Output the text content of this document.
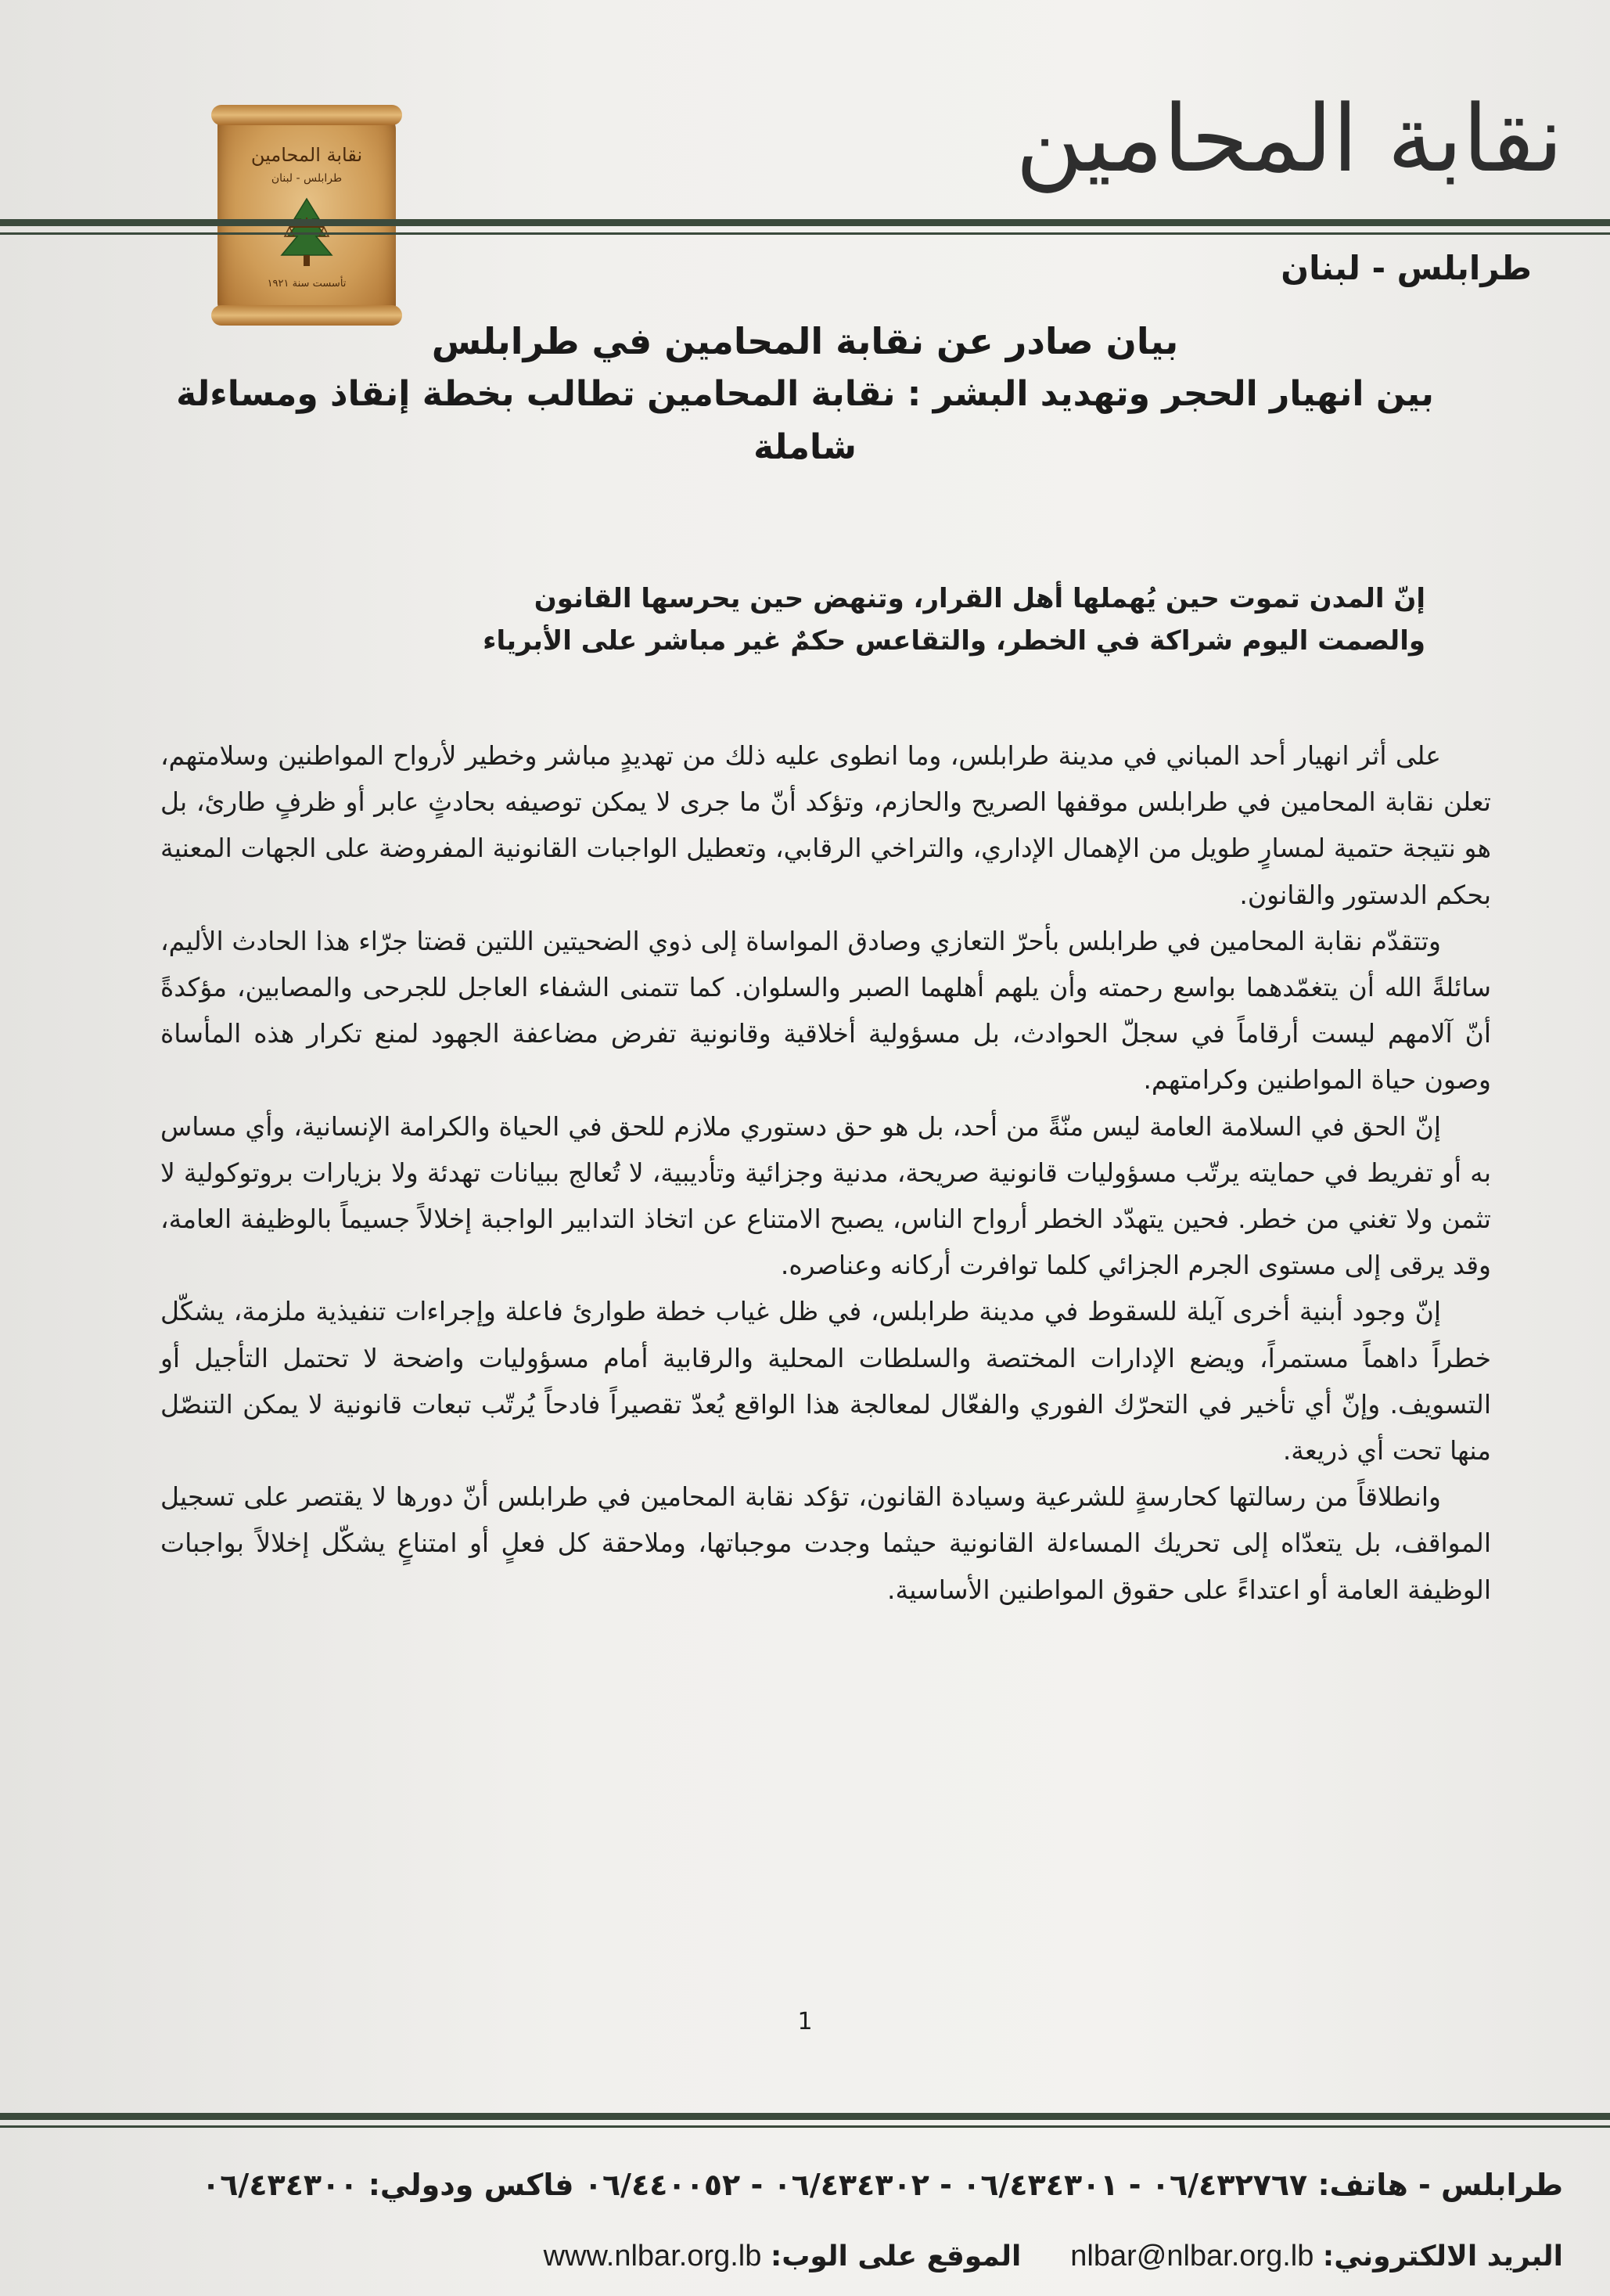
نقابة المحامين
نقابة المحامين
طرابلس - لبنان
تأسست سنة ١٩٢١	طرابلس - لبنان

بيان صادر عن نقابة المحامين في طرابلس
بين انهيار الحجر وتهديد البشر : نقابة المحامين تطالب بخطة إنقاذ ومساءلة
شاملة

إنّ المدن تموت حين يُهملها أهل القرار، وتنهض حين يحرسها القانون

والصمت اليوم شراكة في الخطر، والتقاعس حكمٌ غير مباشر على الأبرياء

على أثر انهيار أحد المباني في مدينة طرابلس، وما انطوى عليه ذلك من تهديدٍ مباشر وخطير لأرواح المواطنين وسلامتهم، تعلن نقابة المحامين في طرابلس موقفها الصريح والحازم، وتؤكد أنّ ما جرى لا يمكن توصيفه بحادثٍ عابر أو ظرفٍ طارئ، بل هو نتيجة حتمية لمسارٍ طويل من الإهمال الإداري، والتراخي الرقابي، وتعطيل الواجبات القانونية المفروضة على الجهات المعنية بحكم الدستور والقانون.

وتتقدّم نقابة المحامين في طرابلس بأحرّ التعازي وصادق المواساة إلى ذوي الضحيتين اللتين قضتا جرّاء هذا الحادث الأليم، سائلةً الله أن يتغمّدهما بواسع رحمته وأن يلهم أهلهما الصبر والسلوان. كما تتمنى الشفاء العاجل للجرحى والمصابين، مؤكدةً أنّ آلامهم ليست أرقاماً في سجلّ الحوادث، بل مسؤولية أخلاقية وقانونية تفرض مضاعفة الجهود لمنع تكرار هذه المأساة وصون حياة المواطنين وكرامتهم.

إنّ الحق في السلامة العامة ليس منّةً من أحد، بل هو حق دستوري ملازم للحق في الحياة والكرامة الإنسانية، وأي مساس به أو تفريط في حمايته يرتّب مسؤوليات قانونية صريحة، مدنية وجزائية وتأديبية، لا تُعالج ببيانات تهدئة ولا بزيارات بروتوكولية لا تثمن ولا تغني من خطر. فحين يتهدّد الخطر أرواح الناس، يصبح الامتناع عن اتخاذ التدابير الواجبة إخلالاً جسيماً بالوظيفة العامة، وقد يرقى إلى مستوى الجرم الجزائي كلما توافرت أركانه وعناصره.

إنّ وجود أبنية أخرى آيلة للسقوط في مدينة طرابلس، في ظل غياب خطة طوارئ فاعلة وإجراءات تنفيذية ملزمة، يشكّل خطراً داهماً مستمراً، ويضع الإدارات المختصة والسلطات المحلية والرقابية أمام مسؤوليات واضحة لا تحتمل التأجيل أو التسويف. وإنّ أي تأخير في التحرّك الفوري والفعّال لمعالجة هذا الواقع يُعدّ تقصيراً فادحاً يُرتّب تبعات قانونية لا يمكن التنصّل منها تحت أي ذريعة.

وانطلاقاً من رسالتها كحارسةٍ للشرعية وسيادة القانون، تؤكد نقابة المحامين في طرابلس أنّ دورها لا يقتصر على تسجيل المواقف، بل يتعدّاه إلى تحريك المساءلة القانونية حيثما وجدت موجباتها، وملاحقة كل فعلٍ أو امتناعٍ يشكّل إخلالاً بواجبات الوظيفة العامة أو اعتداءً على حقوق المواطنين الأساسية.

1

طرابلس - هاتف: ٠٦/٤٣٢٧٦٧ - ٠٦/٤٣٤٣٠١ - ٠٦/٤٣٤٣٠٢ - ٠٦/٤٤٠٠٥٢ فاكس ودولي: ٠٦/٤٣٤٣٠٠

البريد الالكتروني: nlbar@nlbar.org.lb  الموقع على الوب: www.nlbar.org.lb
